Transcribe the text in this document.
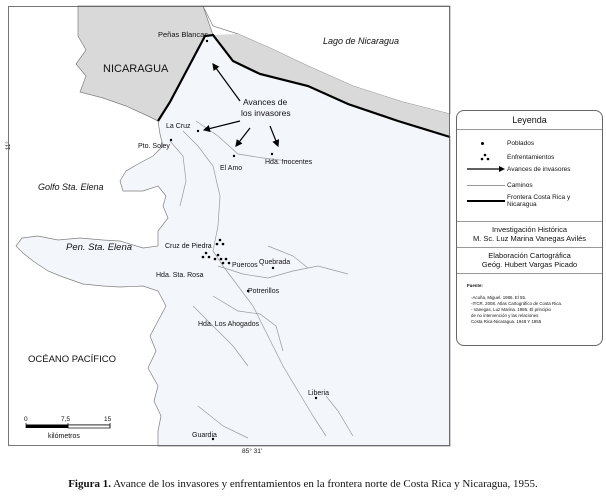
Peñas Blancas
Lago de Nicaragua
NICARAGUA
Avances de
los invasores
La Cruz
Pto. Soley
El Amo
Hda. Inocentes
Golfo Sta. Elena
Pen. Sta. Elena	Cruz de Piedra
Hda. Sta. Rosa
Puercos Quebrada
Potrerillos
Hda. Los Ahogados
OCÉANO PACÍFICO
Liberia
Guardia
11°
0	7,5	15
kilómetros
85° 31'
Leyenda
Poblados
Enfrentamientos
Avances de invasores
Caminos
Frontera Costa Rica y
Nicaragua
Investigación Histórica
M. Sc. Luz Marina Vanegas Avilés
Elaboración Cartográfica
Geóg. Hubert Vargas Picado
Fuente:
-Acuña, Miguel. 1986. El 55.
-ITCR. 2008. Atlas Cartográfico de Costa Rica.
- Vanegas, Luz Marina. 1986. El principio
de no intervención y las relaciones
Costa Rica-Nicaragua. 1948 Y 1955
Figura 1. Avance de los invasores y enfrentamientos en la frontera norte de Costa Rica y Nicaragua, 1955.
